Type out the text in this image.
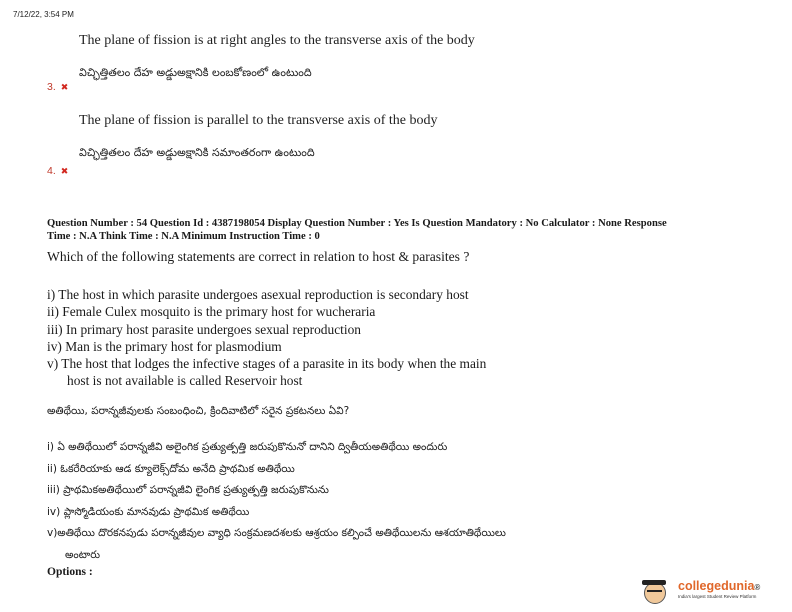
7/12/22, 3:54 PM
The plane of fission is at right angles to the transverse axis of the body
విచ్ఛిత్తితలం దేహ అడ్డుఅక్షానికి లంబకోణంలో ఉంటుంది
3. ✖
The plane of fission is parallel to the transverse axis of the body
విచ్ఛిత్తితలం దేహ అడ్డుఅక్షానికి సమాంతరంగా ఉంటుంది
4. ✖
Question Number : 54 Question Id : 4387198054 Display Question Number : Yes Is Question Mandatory : No Calculator : None Response
Time : N.A Think Time : N.A Minimum Instruction Time : 0
Which of the following statements are correct in relation to host & parasites ?
i) The host in which parasite undergoes asexual reproduction is secondary host
ii) Female Culex mosquito is the primary host for wucheraria
iii) In primary host parasite undergoes sexual reproduction
iv) Man is the primary host for plasmodium
v) The host that lodges the infective stages of a parasite in its body when the main
host is not available is called Reservoir host
అతిథేయి, పరాన్నజీవులకు సంబంధించి, క్రిందివాటిలో సరైన ప్రకటనలు ఏవి?
i) ఏ అతిథేయిలో పరాన్నజీవి అలైంగిక ప్రత్యుత్పత్తి జరుపుకొనునో దానిని ద్వితీయఅతిథేయి అందురు
ii) ఓకరేరియాకు ఆడ క్యూలెక్స్‌దోమ అనేది ప్రాథమిక అతిథేయి
iii) ప్రాథమికఅతిథేయిలో పరాన్నజీవి లైంగిక ప్రత్యుత్పత్తి జరుపుకొనును
iv) ప్లాస్మోడియంకు మానవుడు ప్రాథమిక అతిథేయి
v)అతిథేయి దొరకనపుడు పరాన్నజీవుల వ్యాధి సంక్రమణదశలకు ఆశ్రయం కల్పించే అతిథేయిలను ఆశయాతిథేయిలు
అంటారు
Options :
collegedunia®
India's largest Student Review Platform
